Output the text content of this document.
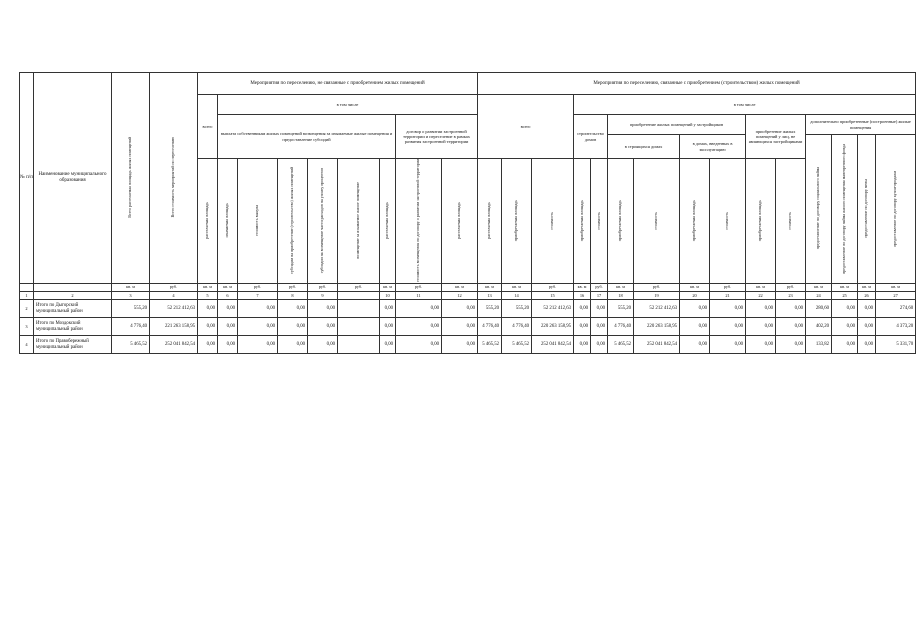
№ п/п	Наименование муниципального образования	Всего расселяемая площадь жилых помещений	Всего стоимость мероприятий по переселению	Мероприятия по переселению, не связанные с приобретением жилых помещений									Мероприятия по переселению, связанные с приобретением (строительством) жилых помещений														
				всего	в том числе								всего			в том числе											
					выплата собственникам жилых помещений возмещения за изымаемые жилые помещения и предоставление субсидий						договор о развитии застроенной территории и переселение в рамках развития застроенной территории					строительство домов		приобретение жилых помещений у застройщиков				приобретение жилых помещений у лиц, не являющихся застройщиками		дополнительно приобретенные (построенные) жилые помещения			
																		в строящихся домах		в домах, введенных в эксплуатацию				предоставление по договору социального найма	предоставление по договору найма жилого помещения маневренного фонда	предоставление по договору мены	предоставление по договору купли-продажи
				расселяемая площадь	изымаемая площадь	стоимость выкупа	субсидии на приобретение (строительство) жилых помещений	субсидии на возмещение части расходов на уплату процентов	возмещение за изымаемое жилое помещение	расселяемая площадь	стоимость возмещения по договору о развитии застроенной территории	расселяемая площадь	расселяемая площадь	приобретаемая площадь	стоимость	приобретаемая площадь	стоимость	приобретаемая площадь	стоимость	приобретаемая площадь	стоимость	приобретаемая площадь	стоимость				
		кв. м	руб.	кв. м	кв. м	руб.	руб.	руб.	руб.	кв. м	руб.	кв. м	кв. м	кв. м	руб.	кв. м	руб.	кв. м	руб.	кв. м	руб.	кв. м	руб.	кв. м	кв. м	кв. м	кв. м
1	2	3	4	5	6	7	8	9		10	11	12	13	14	15	16	17	18	19	20	21	22	23	24	25	26	27
2	Итого по Дыгорский муниципальный район	555,20	52 212 412,63	0,00	0,00	0,00	0,00	0,00		0,00	0,00	0,00	555,20	555,20	52 212 412,63	0,00	0,00	555,20	52 212 412,63	0,00	0,00	0,00	0,00	280,60	0,00	0,00	274,60
3	Итого по Моздокский муниципальный район	4 776,40	221 263 158,95	0,00	0,00	0,00	0,00	0,00		0,00	0,00	0,00	4 776,40	4 776,40	220 263 158,95	0,00	0,00	4 776,40	220 263 158,95	0,00	0,00	0,00	0,00	402,20	0,00	0,00	4 373,20
4	Итого по Правобережный муниципальный район	5 465,52	252 041 842,54	0,00	0,00	0,00	0,00	0,00		0,00	0,00	0,00	5 465,52	5 465,52	252 041 842,54	0,00	0,00	5 465,52	252 041 842,54	0,00	0,00	0,00	0,00	133,82	0,00	0,00	5 331,70
-
